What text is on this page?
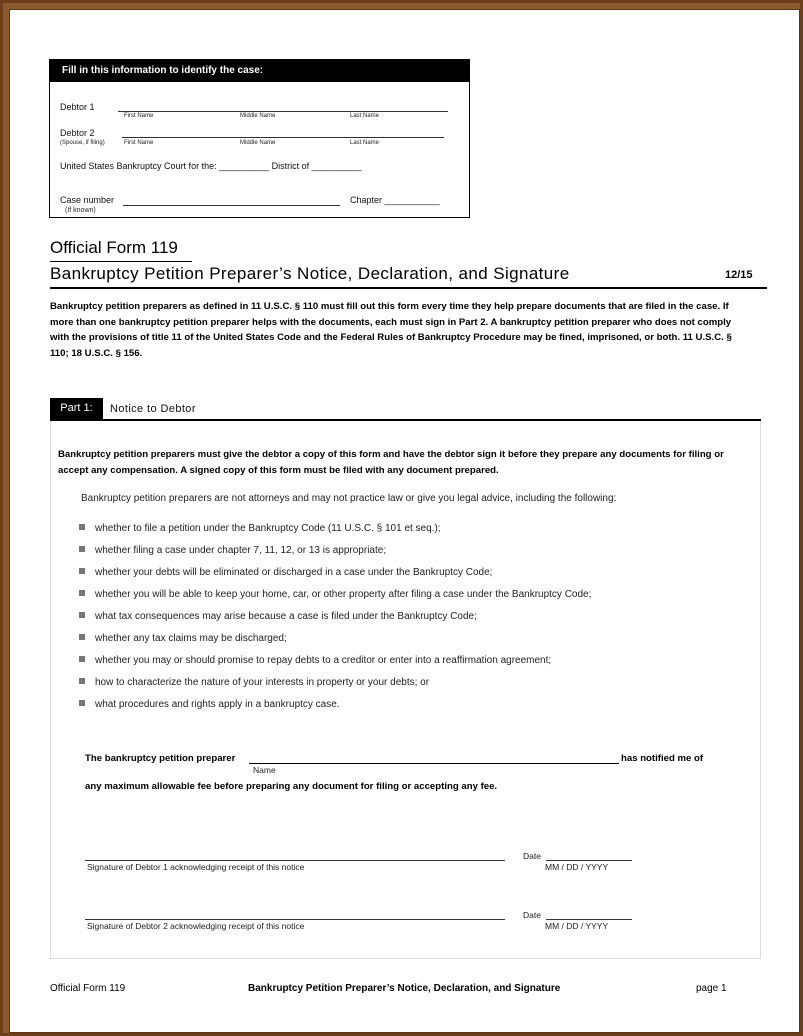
Fill in this information to identify the case:
Debtor 1
First Name	Middle Name	Last Name
Debtor 2
(Spouse, if filing)	First Name	Middle Name	Last Name
United States Bankruptcy Court for the: __________ District of __________
Case number
(If known)
Chapter ___________
Official Form 119
Bankruptcy Petition Preparer’s Notice, Declaration, and Signature	12/15
Bankruptcy petition preparers as defined in 11 U.S.C. § 110 must fill out this form every time they help prepare documents that are filed in the case. If more than one bankruptcy petition preparer helps with the documents, each must sign in Part 2. A bankruptcy petition preparer who does not comply with the provisions of title 11 of the United States Code and the Federal Rules of Bankruptcy Procedure may be fined, imprisoned, or both. 11 U.S.C. § 110; 18 U.S.C. § 156.
Part 1:	Notice to Debtor
Bankruptcy petition preparers must give the debtor a copy of this form and have the debtor sign it before they prepare any documents for filing or accept any compensation. A signed copy of this form must be filed with any document prepared.
Bankruptcy petition preparers are not attorneys and may not practice law or give you legal advice, including the following:
whether to file a petition under the Bankruptcy Code (11 U.S.C. § 101 et seq.);
whether filing a case under chapter 7, 11, 12, or 13 is appropriate;
whether your debts will be eliminated or discharged in a case under the Bankruptcy Code;
whether you will be able to keep your home, car, or other property after filing a case under the Bankruptcy Code;
what tax consequences may arise because a case is filed under the Bankruptcy Code;
whether any tax claims may be discharged;
whether you may or should promise to repay debts to a creditor or enter into a reaffirmation agreement;
how to characterize the nature of your interests in property or your debts; or
what procedures and rights apply in a bankruptcy case.
The bankruptcy petition preparer	has notified me of
Name
any maximum allowable fee before preparing any document for filing or accepting any fee.
Signature of Debtor 1 acknowledging receipt of this notice
Date
MM / DD / YYYY
Signature of Debtor 2 acknowledging receipt of this notice
Date
MM / DD / YYYY
Official Form 119	Bankruptcy Petition Preparer’s Notice, Declaration, and Signature	page 1
